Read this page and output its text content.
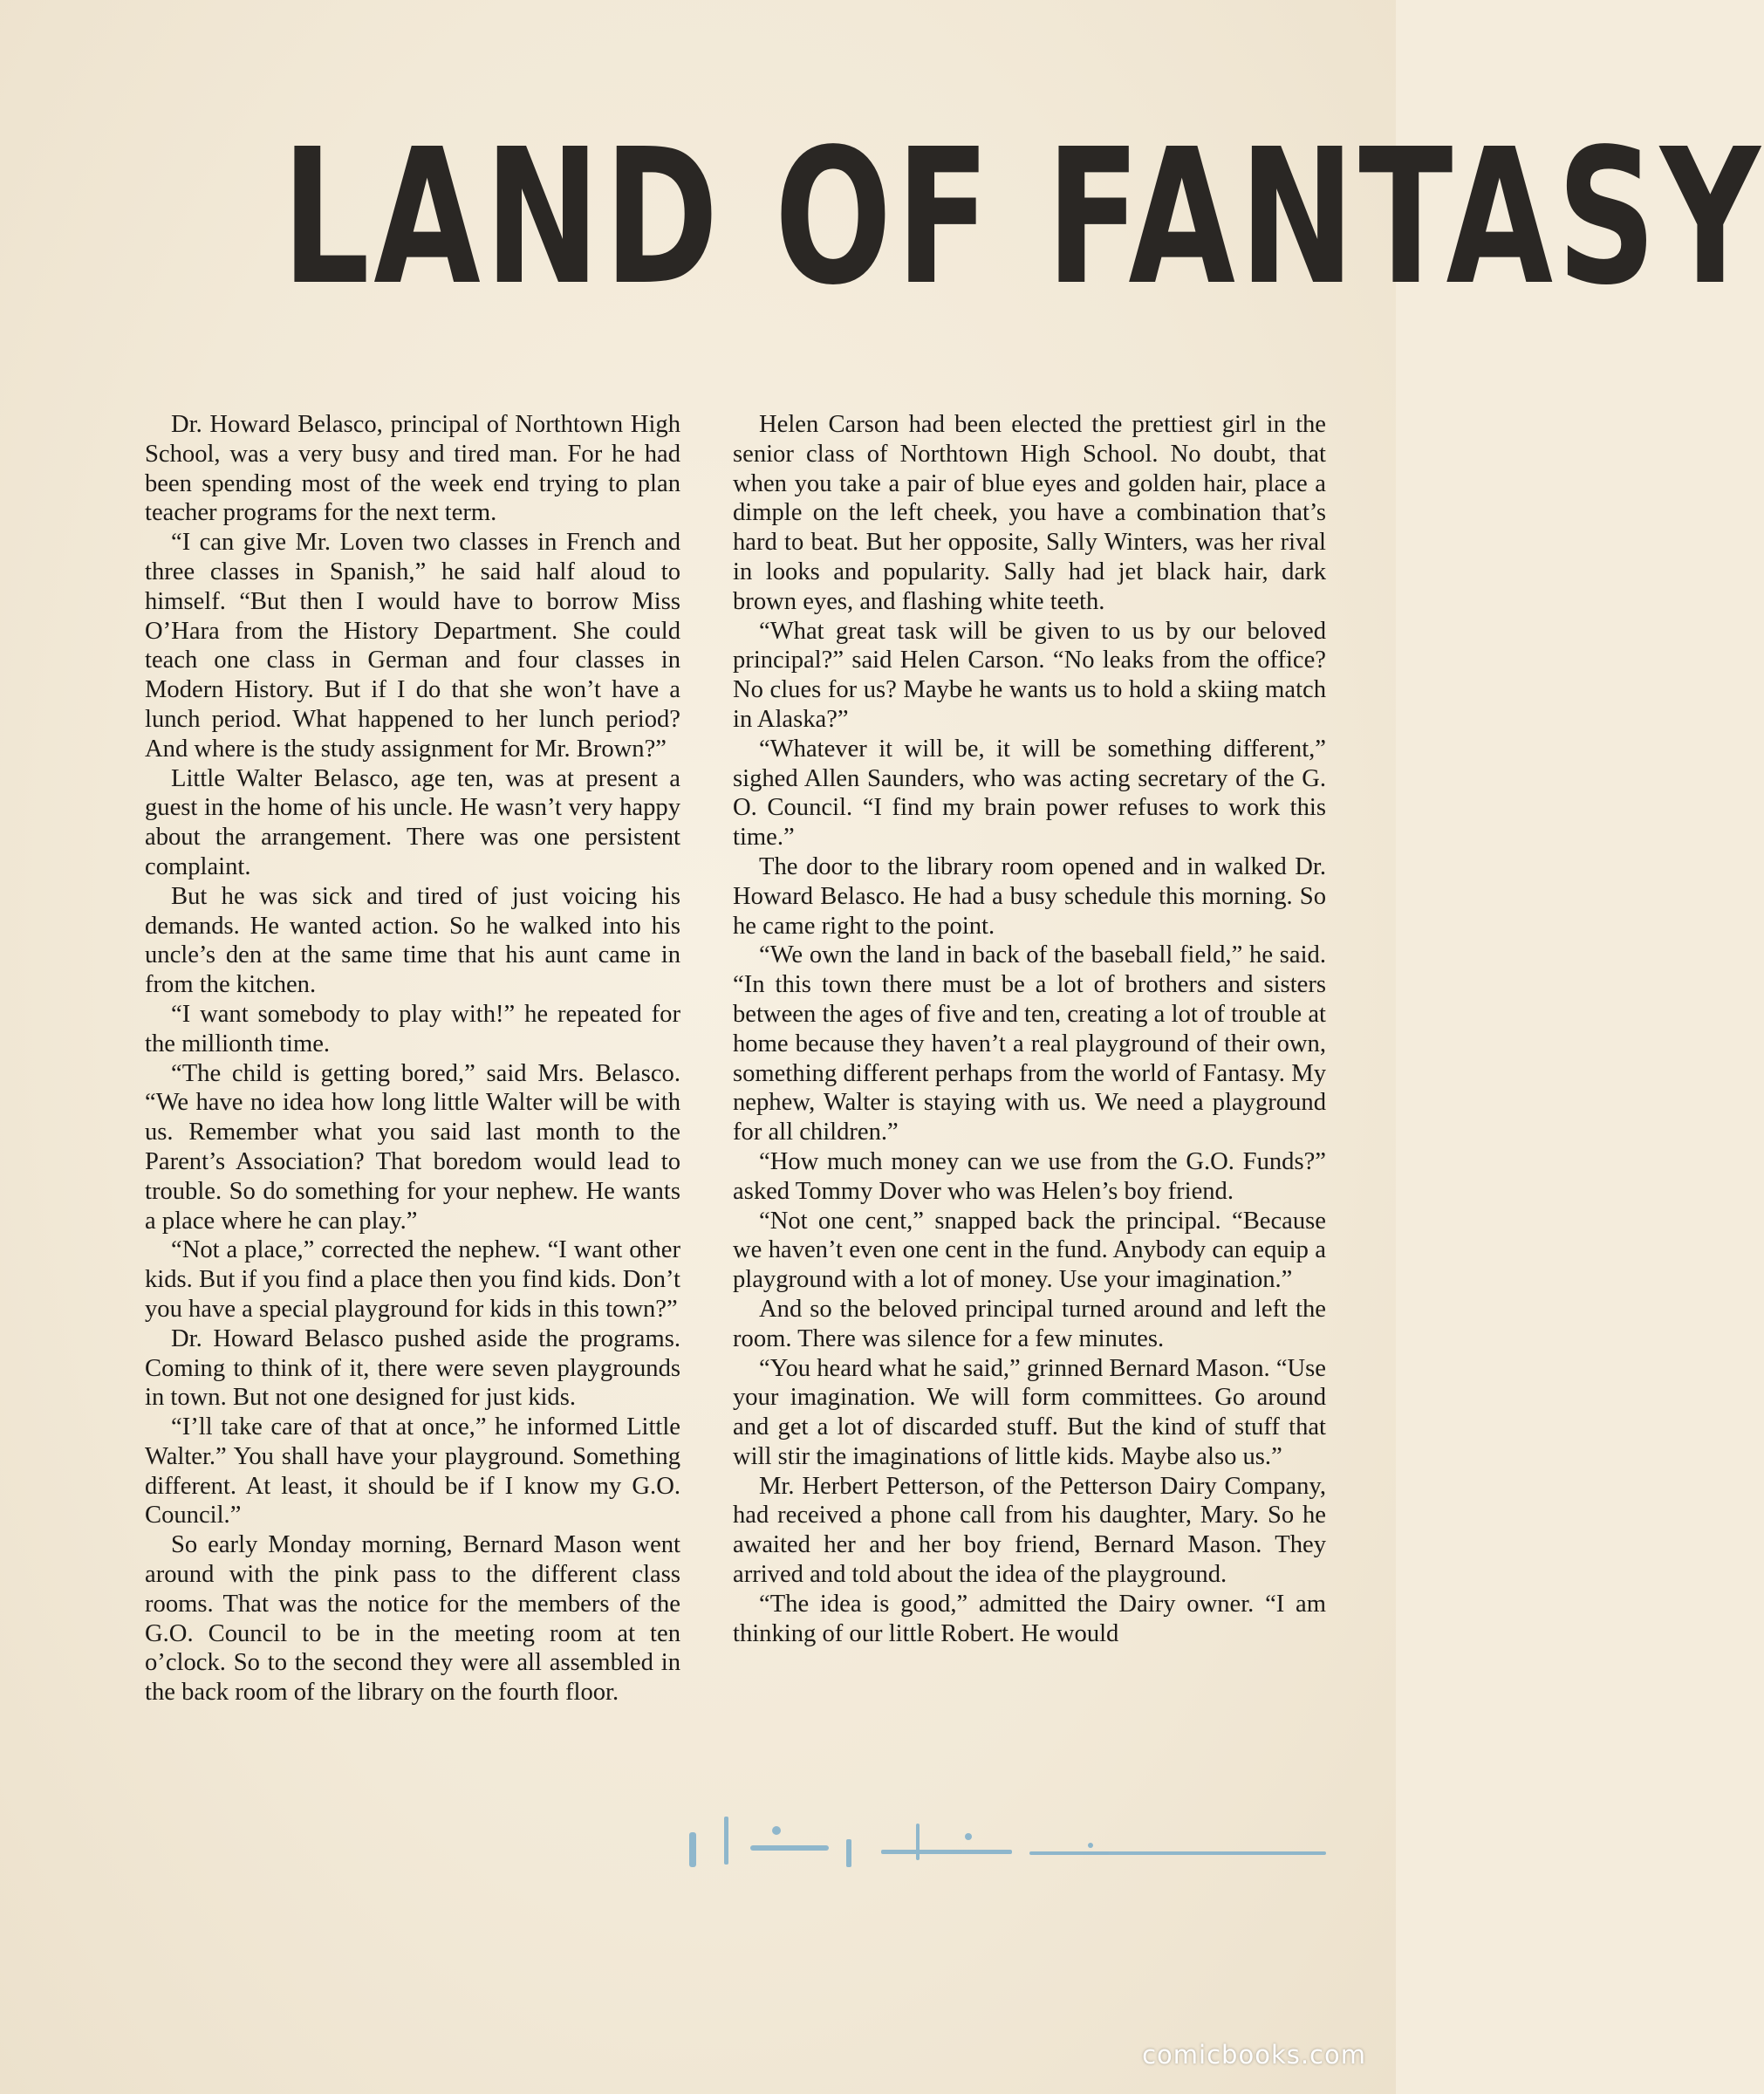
LAND OF FANTASY

Dr. Howard Belasco, principal of Northtown High School, was a very busy and tired man. For he had been spending most of the week end trying to plan teacher programs for the next term.

“I can give Mr. Loven two classes in French and three classes in Spanish,” he said half aloud to himself. “But then I would have to borrow Miss O’Hara from the History Department. She could teach one class in German and four classes in Modern History. But if I do that she won’t have a lunch period. What happened to her lunch period? And where is the study assignment for Mr. Brown?”

Little Walter Belasco, age ten, was at present a guest in the home of his uncle. He wasn’t very happy about the arrangement. There was one persistent complaint.

But he was sick and tired of just voicing his demands. He wanted action. So he walked into his uncle’s den at the same time that his aunt came in from the kitchen.

“I want somebody to play with!” he repeated for the millionth time.

“The child is getting bored,” said Mrs. Belasco. “We have no idea how long little Walter will be with us. Remember what you said last month to the Parent’s Association? That boredom would lead to trouble. So do something for your nephew. He wants a place where he can play.”

“Not a place,” corrected the nephew. “I want other kids. But if you find a place then you find kids. Don’t you have a special playground for kids in this town?”

Dr. Howard Belasco pushed aside the programs. Coming to think of it, there were seven playgrounds in town. But not one designed for just kids.

“I’ll take care of that at once,” he informed Little Walter.” You shall have your playground. Something different. At least, it should be if I know my G.O. Council.”

So early Monday morning, Bernard Mason went around with the pink pass to the different class rooms. That was the notice for the members of the G.O. Council to be in the meeting room at ten o’clock. So to the second they were all assembled in the back room of the library on the fourth floor.

Helen Carson had been elected the prettiest girl in the senior class of Northtown High School. No doubt, that when you take a pair of blue eyes and golden hair, place a dimple on the left cheek, you have a combination that’s hard to beat. But her opposite, Sally Winters, was her rival in looks and popularity. Sally had jet black hair, dark brown eyes, and flashing white teeth.

“What great task will be given to us by our beloved principal?” said Helen Carson. “No leaks from the office? No clues for us? Maybe he wants us to hold a skiing match in Alaska?”

“Whatever it will be, it will be something different,” sighed Allen Saunders, who was acting secretary of the G. O. Council. “I find my brain power refuses to work this time.”

The door to the library room opened and in walked Dr. Howard Belasco. He had a busy schedule this morning. So he came right to the point.

“We own the land in back of the baseball field,” he said. “In this town there must be a lot of brothers and sisters between the ages of five and ten, creating a lot of trouble at home because they haven’t a real playground of their own, something different perhaps from the world of Fantasy. My nephew, Walter is staying with us. We need a playground for all children.”

“How much money can we use from the G.O. Funds?” asked Tommy Dover who was Helen’s boy friend.

“Not one cent,” snapped back the principal. “Because we haven’t even one cent in the fund. Anybody can equip a playground with a lot of money. Use your imagination.”

And so the beloved principal turned around and left the room. There was silence for a few minutes.

“You heard what he said,” grinned Bernard Mason. “Use your imagination. We will form committees. Go around and get a lot of discarded stuff. But the kind of stuff that will stir the imaginations of little kids. Maybe also us.”

Mr. Herbert Petterson, of the Petterson Dairy Company, had received a phone call from his daughter, Mary. So he awaited her and her boy friend, Bernard Mason. They arrived and told about the idea of the playground.

“The idea is good,” admitted the Dairy owner. “I am thinking of our little Robert. He would

comicbooks.com
